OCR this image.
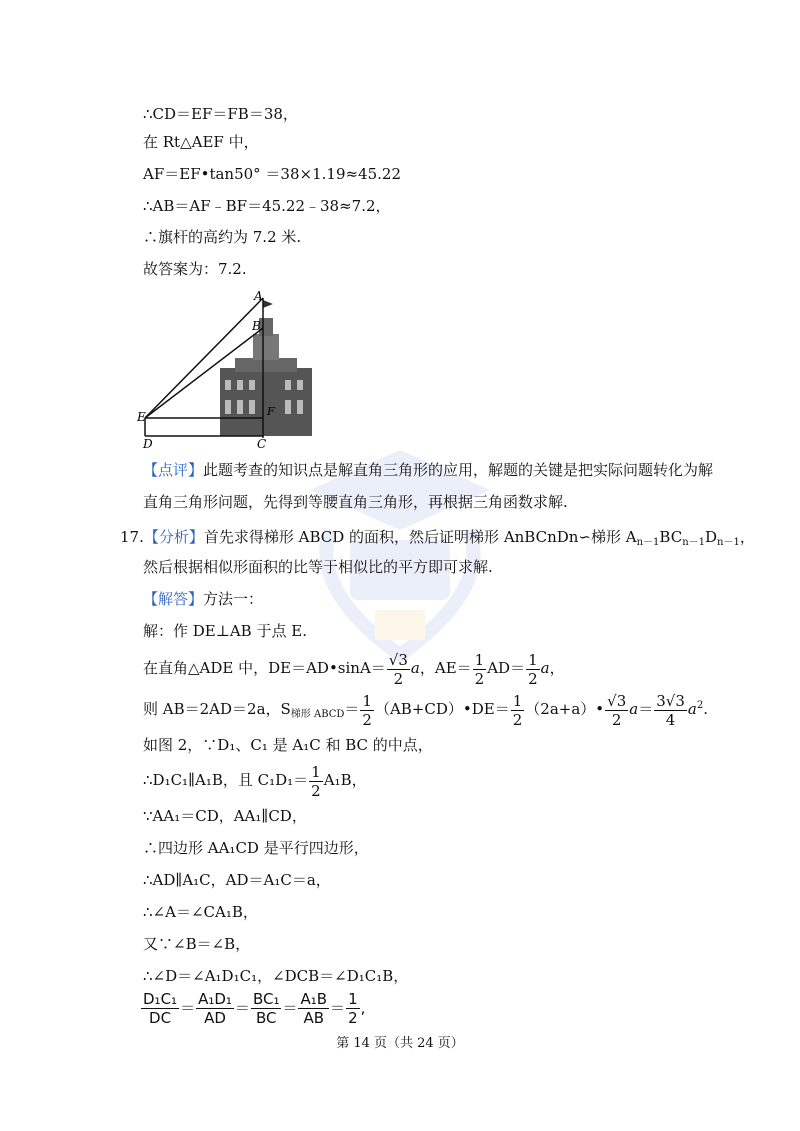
∴CD＝EF＝FB＝38，
在 Rt△AEF 中，
AF＝EF•tan50° ＝38×1.19≈45.22
∴AB＝AF﹣BF＝45.22﹣38≈7.2，
∴旗杆的高约为 7.2 米.
故答案为：7.2.
A
B
E	F
D	C
【点评】此题考查的知识点是解直角三角形的应用，解题的关键是把实际问题转化为解
直角三角形问题，先得到等腰直角三角形，再根据三角函数求解.
17.【分析】首先求得梯形 ABCD 的面积，然后证明梯形 AnBCnDn∽梯形 $A_{n-1}BC_{n-1}D_{n-1}$，
然后根据相似形面积的比等于相似比的平方即可求解.
【解答】方法一：
解：作 DE⊥AB 于点 E.
在直角△ADE 中，DE＝AD•sinA＝ $\frac{√3}{2}$ a，$AE= \frac{1}{2} AD= \frac{1}{2}$ a，
则 AB＝2AD＝2a，$S_{梯形 ABCD}= \frac{1}{2}$ （AB+CD）•DE＝ $\frac{1}{2}$ （2a+a）• $\frac{√3}{2} a= \frac{3√3}{4} a^2$.
如图 2，∵D₁、C₁ 是 A₁C 和 BC 的中点，
∴D₁C₁∥A₁B，且 $C_1D_1= \frac{1}{2} A_1B$，
∵AA₁＝CD，AA₁∥CD，
∴四边形 AA₁CD 是平行四边形，
∴AD∥A₁C，AD＝A₁C＝a，
∴∠A＝∠CA₁B，
又∵∠B＝∠B，
∴∠D＝∠A₁D₁C₁，∠DCB＝∠D₁C₁B，
$\frac{\text{D₁C₁}}{DC} = \frac{\text{A₁D₁}}{AD} = \frac{\text{BC₁}}{BC} = \frac{\text{A₁B}}{AB} = \frac{1}{2}$ ,
第 14 页（共 24 页）
